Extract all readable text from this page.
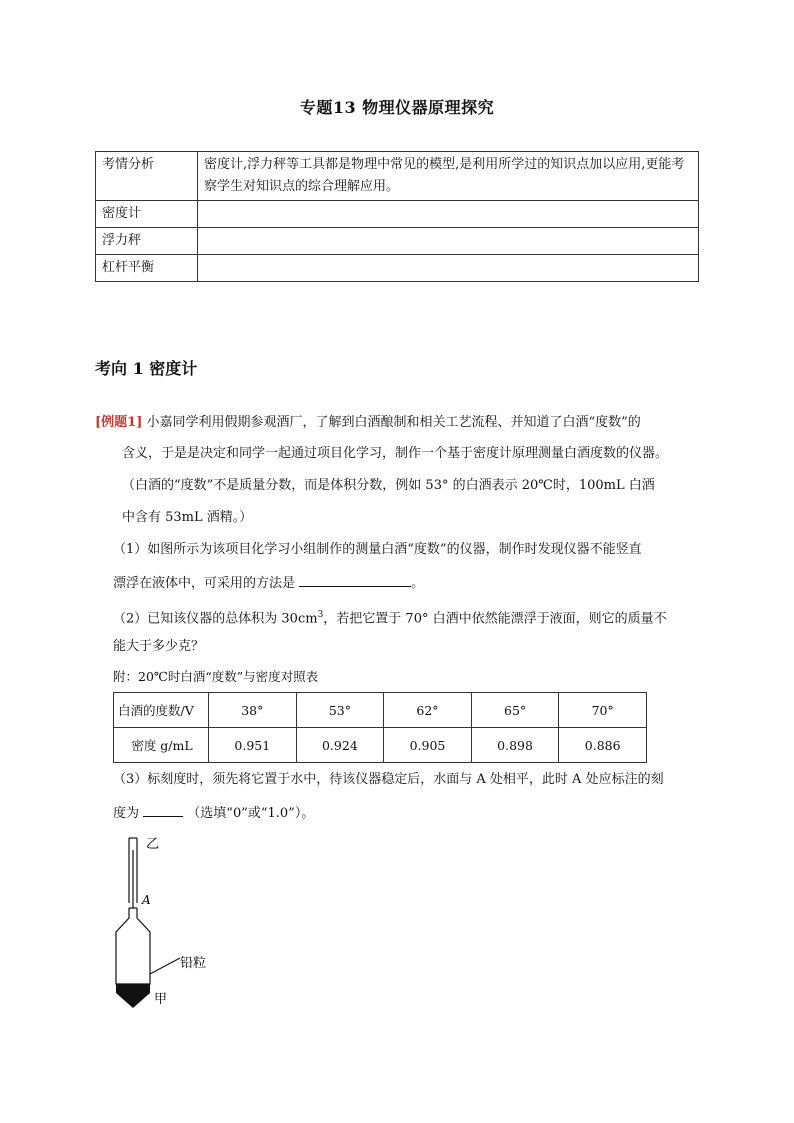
专题13 物理仪器原理探究
考情分析	密度计,浮力秤等工具都是物理中常见的模型,是利用所学过的知识点加以应用,更能考察学生对知识点的综合理解应用。
密度计	
浮力秤	
杠杆平衡	
考向 1 密度计
[例题1] 小嘉同学利用假期参观酒厂，了解到白酒酿制和相关工艺流程、并知道了白酒“度数”的
含义，于是是决定和同学一起通过项目化学习，制作一个基于密度计原理测量白酒度数的仪器。
（白酒的“度数”不是质量分数，而是体积分数，例如 53° 的白酒表示 20℃时，100mL 白酒
中含有 53mL 酒精。）
（1）如图所示为该项目化学习小组制作的测量白酒“度数”的仪器，制作时发现仪器不能竖直
漂浮在液体中，可采用的方法是	。
（2）已知该仪器的总体积为 $30cm^3$，若把它置于 70° 白酒中依然能漂浮于液面，则它的质量不
能大于多少克？
附：20℃时白酒“度数”与密度对照表
白酒的度数/V	38°	53°	62°	65°	70°
密度 g/mL	0.951	0.924	0.905	0.898	0.886
（3）标刻度时，须先将它置于水中，待该仪器稳定后，水面与 A 处相平，此时 A 处应标注的刻
度为	（选填“0”或“1.0”）。
乙
A
铅粒
甲
